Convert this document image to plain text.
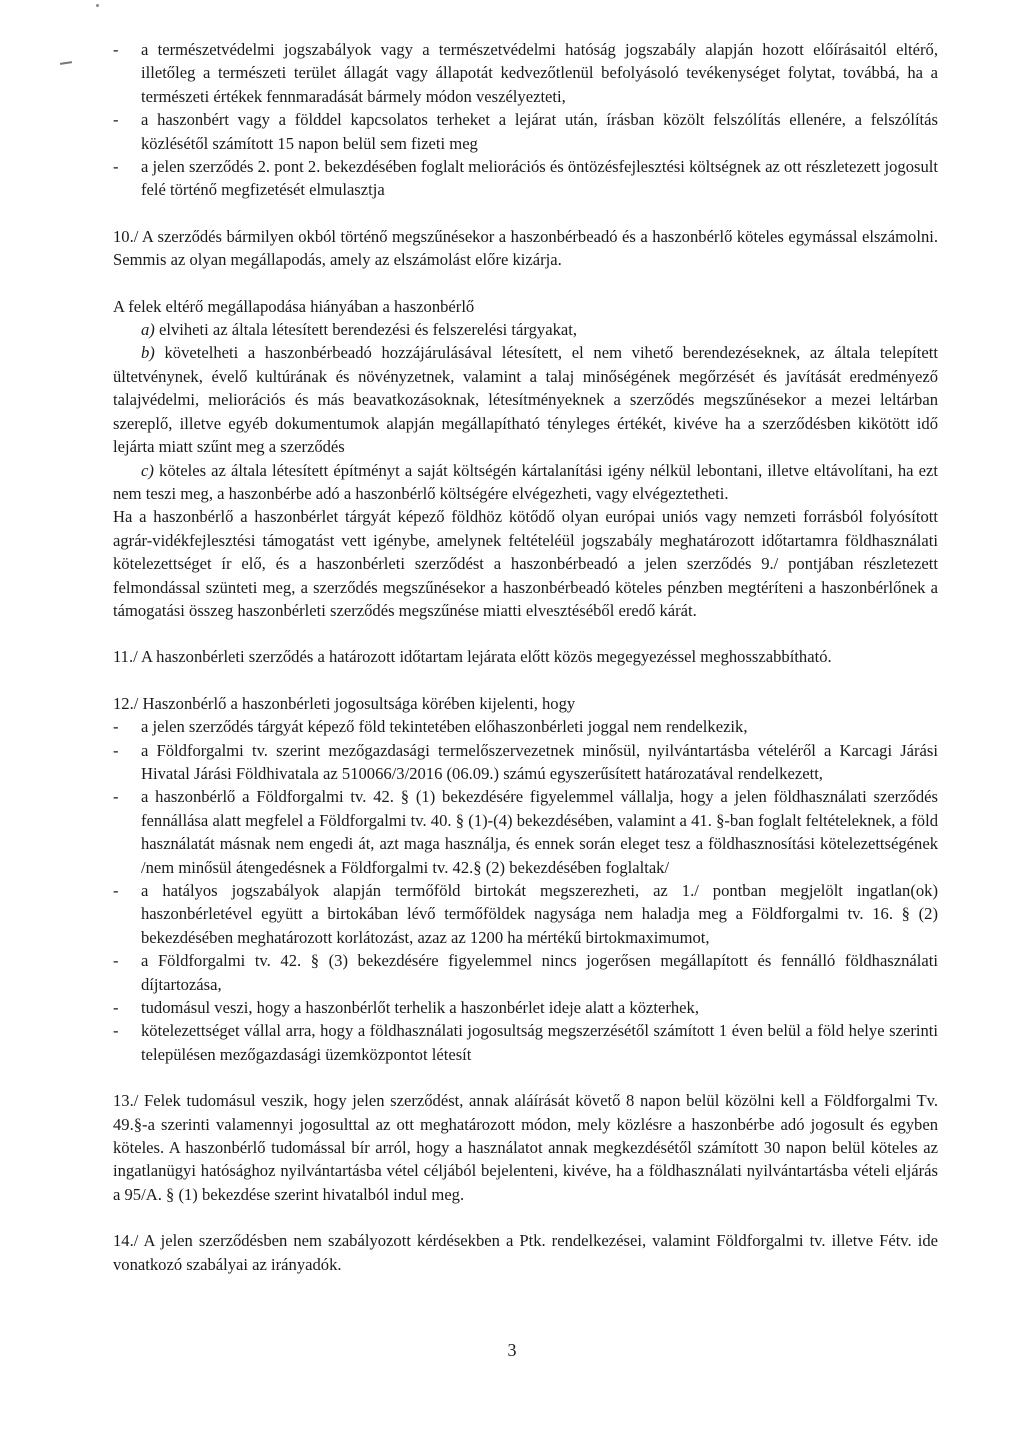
- a természetvédelmi jogszabályok vagy a természetvédelmi hatóság jogszabály alapján hozott előírásaitól eltérő, illetőleg a természeti terület állagát vagy állapotát kedvezőtlenül befolyásoló tevékenységet folytat, továbbá, ha a természeti értékek fennmaradását bármely módon veszélyezteti,
- a haszonbért vagy a földdel kapcsolatos terheket a lejárat után, írásban közölt felszólítás ellenére, a felszólítás közlésétől számított 15 napon belül sem fizeti meg
- a jelen szerződés 2. pont 2. bekezdésében foglalt meliorációs és öntözésfejlesztési költségnek az ott részletezett jogosult felé történő megfizetését elmulasztja

10./ A szerződés bármilyen okból történő megszűnésekor a haszonbérbeadó és a haszonbérlő köteles egymással elszámolni. Semmis az olyan megállapodás, amely az elszámolást előre kizárja.

A felek eltérő megállapodása hiányában a haszonbérlő

a) elviheti az általa létesített berendezési és felszerelési tárgyakat,

b) követelheti a haszonbérbeadó hozzájárulásával létesített, el nem vihető berendezéseknek, az általa telepített ültetvénynek, évelő kultúrának és növényzetnek, valamint a talaj minőségének megőrzését és javítását eredményező talajvédelmi, meliorációs és más beavatkozásoknak, létesítményeknek a szerződés megszűnésekor a mezei leltárban szereplő, illetve egyéb dokumentumok alapján megállapítható tényleges értékét, kivéve ha a szerződésben kikötött idő lejárta miatt szűnt meg a szerződés

c) köteles az általa létesített építményt a saját költségén kártalanítási igény nélkül lebontani, illetve eltávolítani, ha ezt nem teszi meg, a haszonbérbe adó a haszonbérlő költségére elvégezheti, vagy elvégeztetheti.

Ha a haszonbérlő a haszonbérlet tárgyát képező földhöz kötődő olyan európai uniós vagy nemzeti forrásból folyósított agrár-vidékfejlesztési támogatást vett igénybe, amelynek feltételéül jogszabály meghatározott időtartamra földhasználati kötelezettséget ír elő, és a haszonbérleti szerződést a haszonbérbeadó a jelen szerződés 9./ pontjában részletezett felmondással szünteti meg, a szerződés megszűnésekor a haszonbérbeadó köteles pénzben megtéríteni a haszonbérlőnek a támogatási összeg haszonbérleti szerződés megszűnése miatti elvesztéséből eredő kárát.

11./ A haszonbérleti szerződés a határozott időtartam lejárata előtt közös megegyezéssel meghosszabbítható.

12./ Haszonbérlő a haszonbérleti jogosultsága körében kijelenti, hogy

- a jelen szerződés tárgyát képező föld tekintetében előhaszonbérleti joggal nem rendelkezik,
- a Földforgalmi tv. szerint mezőgazdasági termelőszervezetnek minősül, nyilvántartásba vételéről a Karcagi Járási Hivatal Járási Földhivatala az 510066/3/2016 (06.09.) számú egyszerűsített határozatával rendelkezett,
- a haszonbérlő a Földforgalmi tv. 42. § (1) bekezdésére figyelemmel vállalja, hogy a jelen földhasználati szerződés fennállása alatt megfelel a Földforgalmi tv. 40. § (1)-(4) bekezdésében, valamint a 41. §-ban foglalt feltételeknek, a föld használatát másnak nem engedi át, azt maga használja, és ennek során eleget tesz a földhasznosítási kötelezettségének /nem minősül átengedésnek a Földforgalmi tv. 42.§ (2) bekezdésében foglaltak/
- a hatályos jogszabályok alapján termőföld birtokát megszerezheti, az 1./ pontban megjelölt ingatlan(ok) haszonbérletével együtt a birtokában lévő termőföldek nagysága nem haladja meg a Földforgalmi tv. 16. § (2) bekezdésében meghatározott korlátozást, azaz az 1200 ha mértékű birtokmaximumot,
- a Földforgalmi tv. 42. § (3) bekezdésére figyelemmel nincs jogerősen megállapított és fennálló földhasználati díjtartozása,
- tudomásul veszi, hogy a haszonbérlőt terhelik a haszonbérlet ideje alatt a közterhek,
- kötelezettséget vállal arra, hogy a földhasználati jogosultság megszerzésétől számított 1 éven belül a föld helye szerinti településen mezőgazdasági üzemközpontot létesít

13./ Felek tudomásul veszik, hogy jelen szerződést, annak aláírását követő 8 napon belül közölni kell a Földforgalmi Tv. 49.§-a szerinti valamennyi jogosulttal az ott meghatározott módon, mely közlésre a haszonbérbe adó jogosult és egyben köteles. A haszonbérlő tudomással bír arról, hogy a használatot annak megkezdésétől számított 30 napon belül köteles az ingatlanügyi hatósághoz nyilvántartásba vétel céljából bejelenteni, kivéve, ha a földhasználati nyilvántartásba vételi eljárás a 95/A. § (1) bekezdése szerint hivatalból indul meg.

14./ A jelen szerződésben nem szabályozott kérdésekben a Ptk. rendelkezései, valamint Földforgalmi tv. illetve Fétv. ide vonatkozó szabályai az irányadók.

3
